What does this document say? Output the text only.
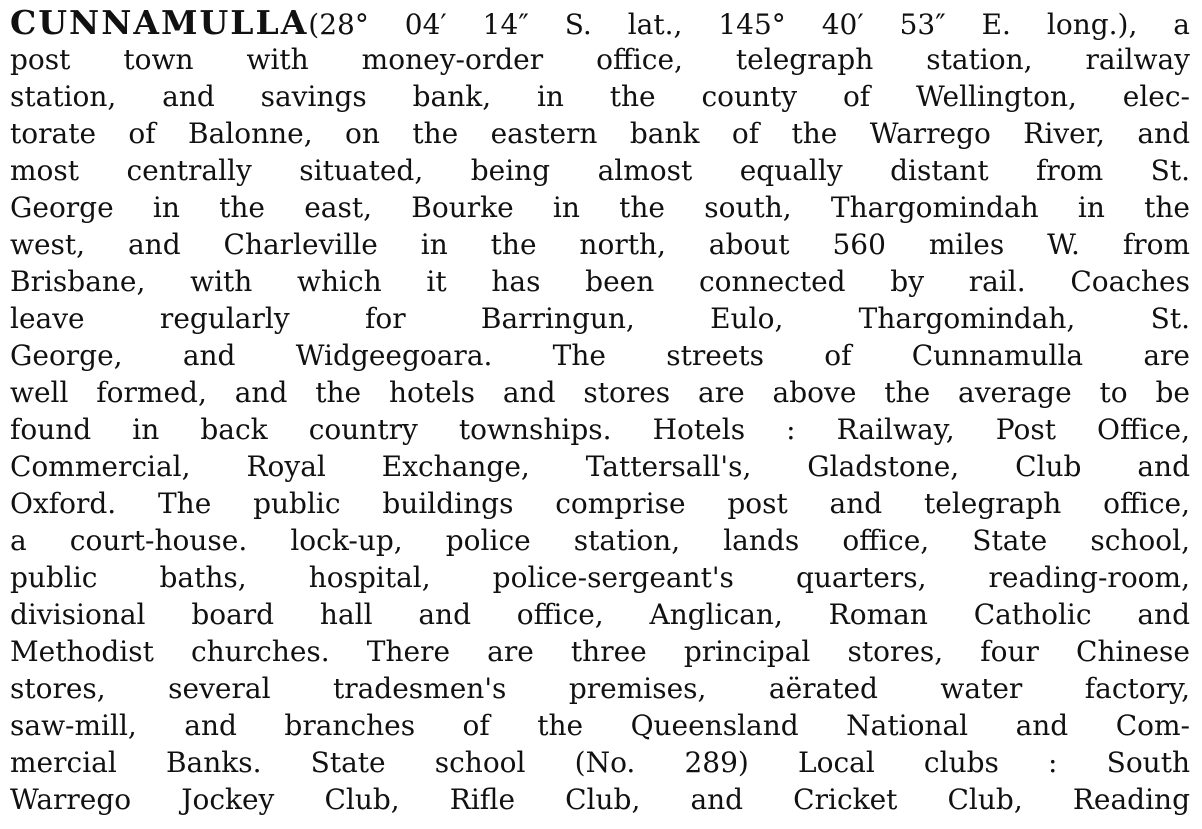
CUNNAMULLA(28° 04′ 14″ S. lat., 145° 40′ 53″ E. long.), a
post town with money-order office, telegraph station, railway
station, and savings bank, in the county of Wellington, elec-
torate of Balonne, on the eastern bank of the Warrego River, and
most centrally situated, being almost equally distant from St.
George in the east, Bourke in the south, Thargomindah in the
west, and Charleville in the north, about 560 miles W. from
Brisbane, with which it has been connected by rail. Coaches
leave regularly for Barringun, Eulo, Thargomindah, St.
George, and Widgeegoara. The streets of Cunnamulla are
well formed, and the hotels and stores are above the average to be
found in back country townships. Hotels : Railway, Post Office,
Commercial, Royal Exchange, Tattersall's, Gladstone, Club and
Oxford. The public buildings comprise post and telegraph office,
a court-house. lock-up, police station, lands office, State school,
public baths, hospital, police-sergeant's quarters, reading-room,
divisional board hall and office, Anglican, Roman Catholic and
Methodist churches. There are three principal stores, four Chinese
stores, several tradesmen's premises, aërated water factory,
saw-mill, and branches of the Queensland National and Com-
mercial Banks. State school (No. 289) Local clubs : South
Warrego Jockey Club, Rifle Club, and Cricket Club, Reading
